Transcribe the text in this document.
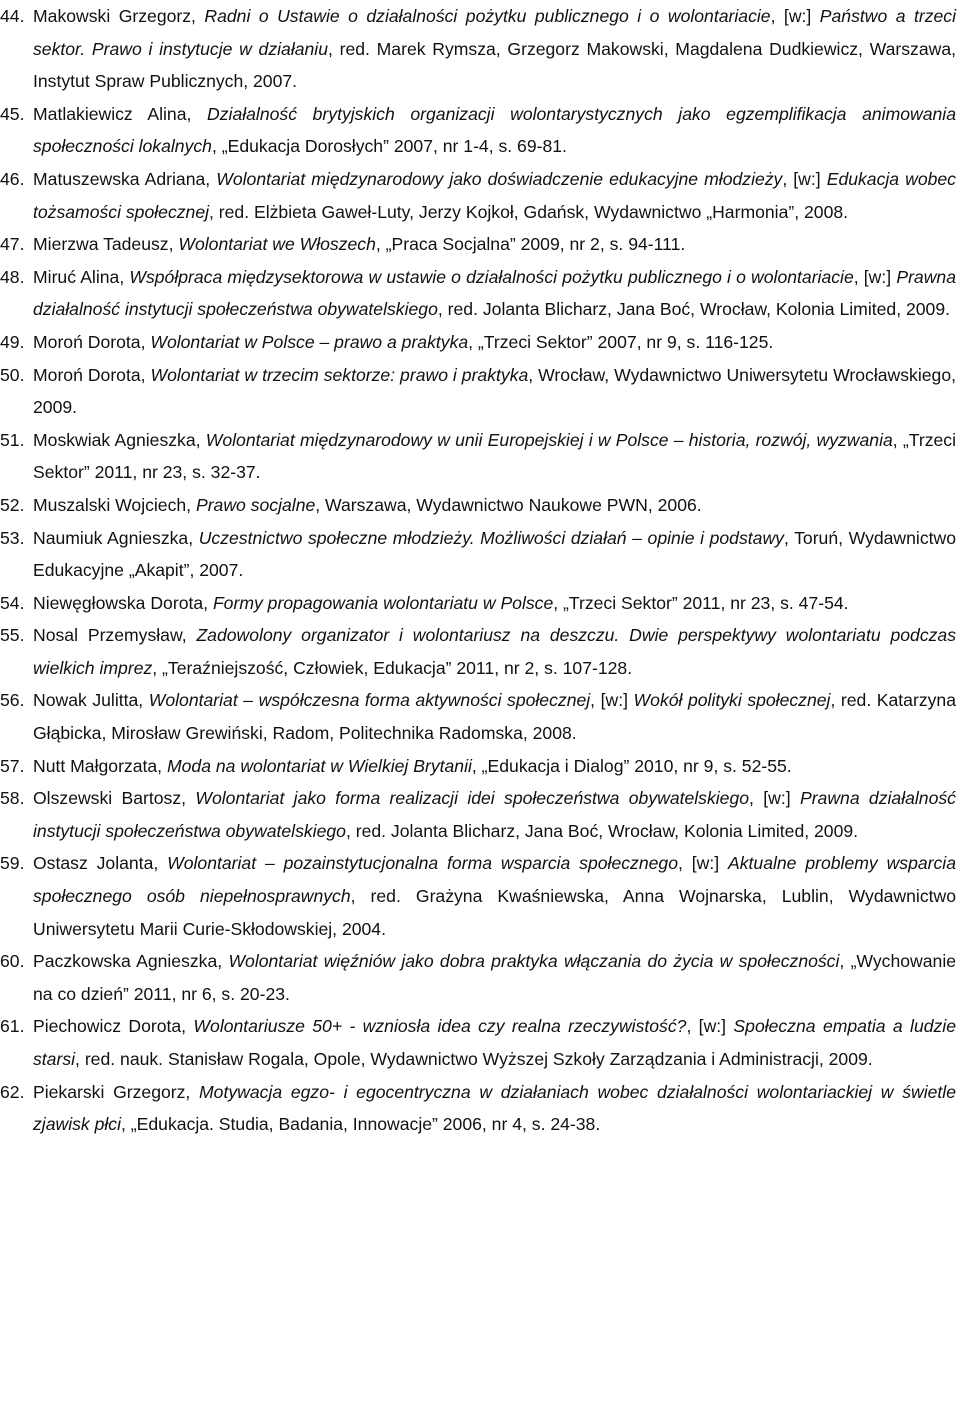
44. Makowski Grzegorz, Radni o Ustawie o działalności pożytku publicznego i o wolontariacie, [w:] Państwo a trzeci sektor. Prawo i instytucje w działaniu, red. Marek Rymsza, Grzegorz Makowski, Magdalena Dudkiewicz, Warszawa, Instytut Spraw Publicznych, 2007.
45. Matlakiewicz Alina, Działalność brytyjskich organizacji wolontarystycznych jako egzemplifikacja animowania społeczności lokalnych, „Edukacja Dorosłych” 2007, nr 1-4, s. 69-81.
46. Matuszewska Adriana, Wolontariat międzynarodowy jako doświadczenie edukacyjne młodzieży, [w:] Edukacja wobec tożsamości społecznej, red. Elżbieta Gaweł-Luty, Jerzy Kojkoł, Gdańsk, Wydawnictwo „Harmonia”, 2008.
47. Mierzwa Tadeusz, Wolontariat we Włoszech, „Praca Socjalna” 2009, nr 2, s. 94-111.
48. Miruć Alina, Współpraca międzysektorowa w ustawie o działalności pożytku publicznego i o wolontariacie, [w:] Prawna działalność instytucji społeczeństwa obywatelskiego, red. Jolanta Blicharz, Jana Boć, Wrocław, Kolonia Limited, 2009.
49. Moroń Dorota, Wolontariat w Polsce – prawo a praktyka, „Trzeci Sektor” 2007, nr 9, s. 116-125.
50. Moroń Dorota, Wolontariat w trzecim sektorze: prawo i praktyka, Wrocław, Wydawnictwo Uniwersytetu Wrocławskiego, 2009.
51. Moskwiak Agnieszka, Wolontariat międzynarodowy w unii Europejskiej i w Polsce – historia, rozwój, wyzwania, „Trzeci Sektor” 2011, nr 23, s. 32-37.
52. Muszalski Wojciech, Prawo socjalne, Warszawa, Wydawnictwo Naukowe PWN, 2006.
53. Naumiuk Agnieszka, Uczestnictwo społeczne młodzieży. Możliwości działań – opinie i podstawy, Toruń, Wydawnictwo Edukacyjne „Akapit”, 2007.
54. Niewęgłowska Dorota, Formy propagowania wolontariatu w Polsce, „Trzeci Sektor” 2011, nr 23, s. 47-54.
55. Nosal Przemysław, Zadowolony organizator i wolontariusz na deszczu. Dwie perspektywy wolontariatu podczas wielkich imprez, „Teraźniejszość, Człowiek, Edukacja” 2011, nr 2, s. 107-128.
56. Nowak Julitta, Wolontariat – współczesna forma aktywności społecznej, [w:] Wokół polityki społecznej, red. Katarzyna Głąbicka, Mirosław Grewiński, Radom, Politechnika Radomska, 2008.
57. Nutt Małgorzata, Moda na wolontariat w Wielkiej Brytanii, „Edukacja i Dialog” 2010, nr 9, s. 52-55.
58. Olszewski Bartosz, Wolontariat jako forma realizacji idei społeczeństwa obywatelskiego, [w:] Prawna działalność instytucji społeczeństwa obywatelskiego, red. Jolanta Blicharz, Jana Boć, Wrocław, Kolonia Limited, 2009.
59. Ostasz Jolanta, Wolontariat – pozainstytucjonalna forma wsparcia społecznego, [w:] Aktualne problemy wsparcia społecznego osób niepełnosprawnych, red. Grażyna Kwaśniewska, Anna Wojnarska, Lublin, Wydawnictwo Uniwersytetu Marii Curie-Skłodowskiej, 2004.
60. Paczkowska Agnieszka, Wolontariat więźniów jako dobra praktyka włączania do życia w społeczności, „Wychowanie na co dzień” 2011, nr 6, s. 20-23.
61. Piechowicz Dorota, Wolontariusze 50+ - wzniosła idea czy realna rzeczywistość?, [w:] Społeczna empatia a ludzie starsi, red. nauk. Stanisław Rogala, Opole, Wydawnictwo Wyższej Szkoły Zarządzania i Administracji, 2009.
62. Piekarski Grzegorz, Motywacja egzo- i egocentryczna w działaniach wobec działalności wolontariackiej w świetle zjawisk płci, „Edukacja. Studia, Badania, Innowacje” 2006, nr 4, s. 24-38.
